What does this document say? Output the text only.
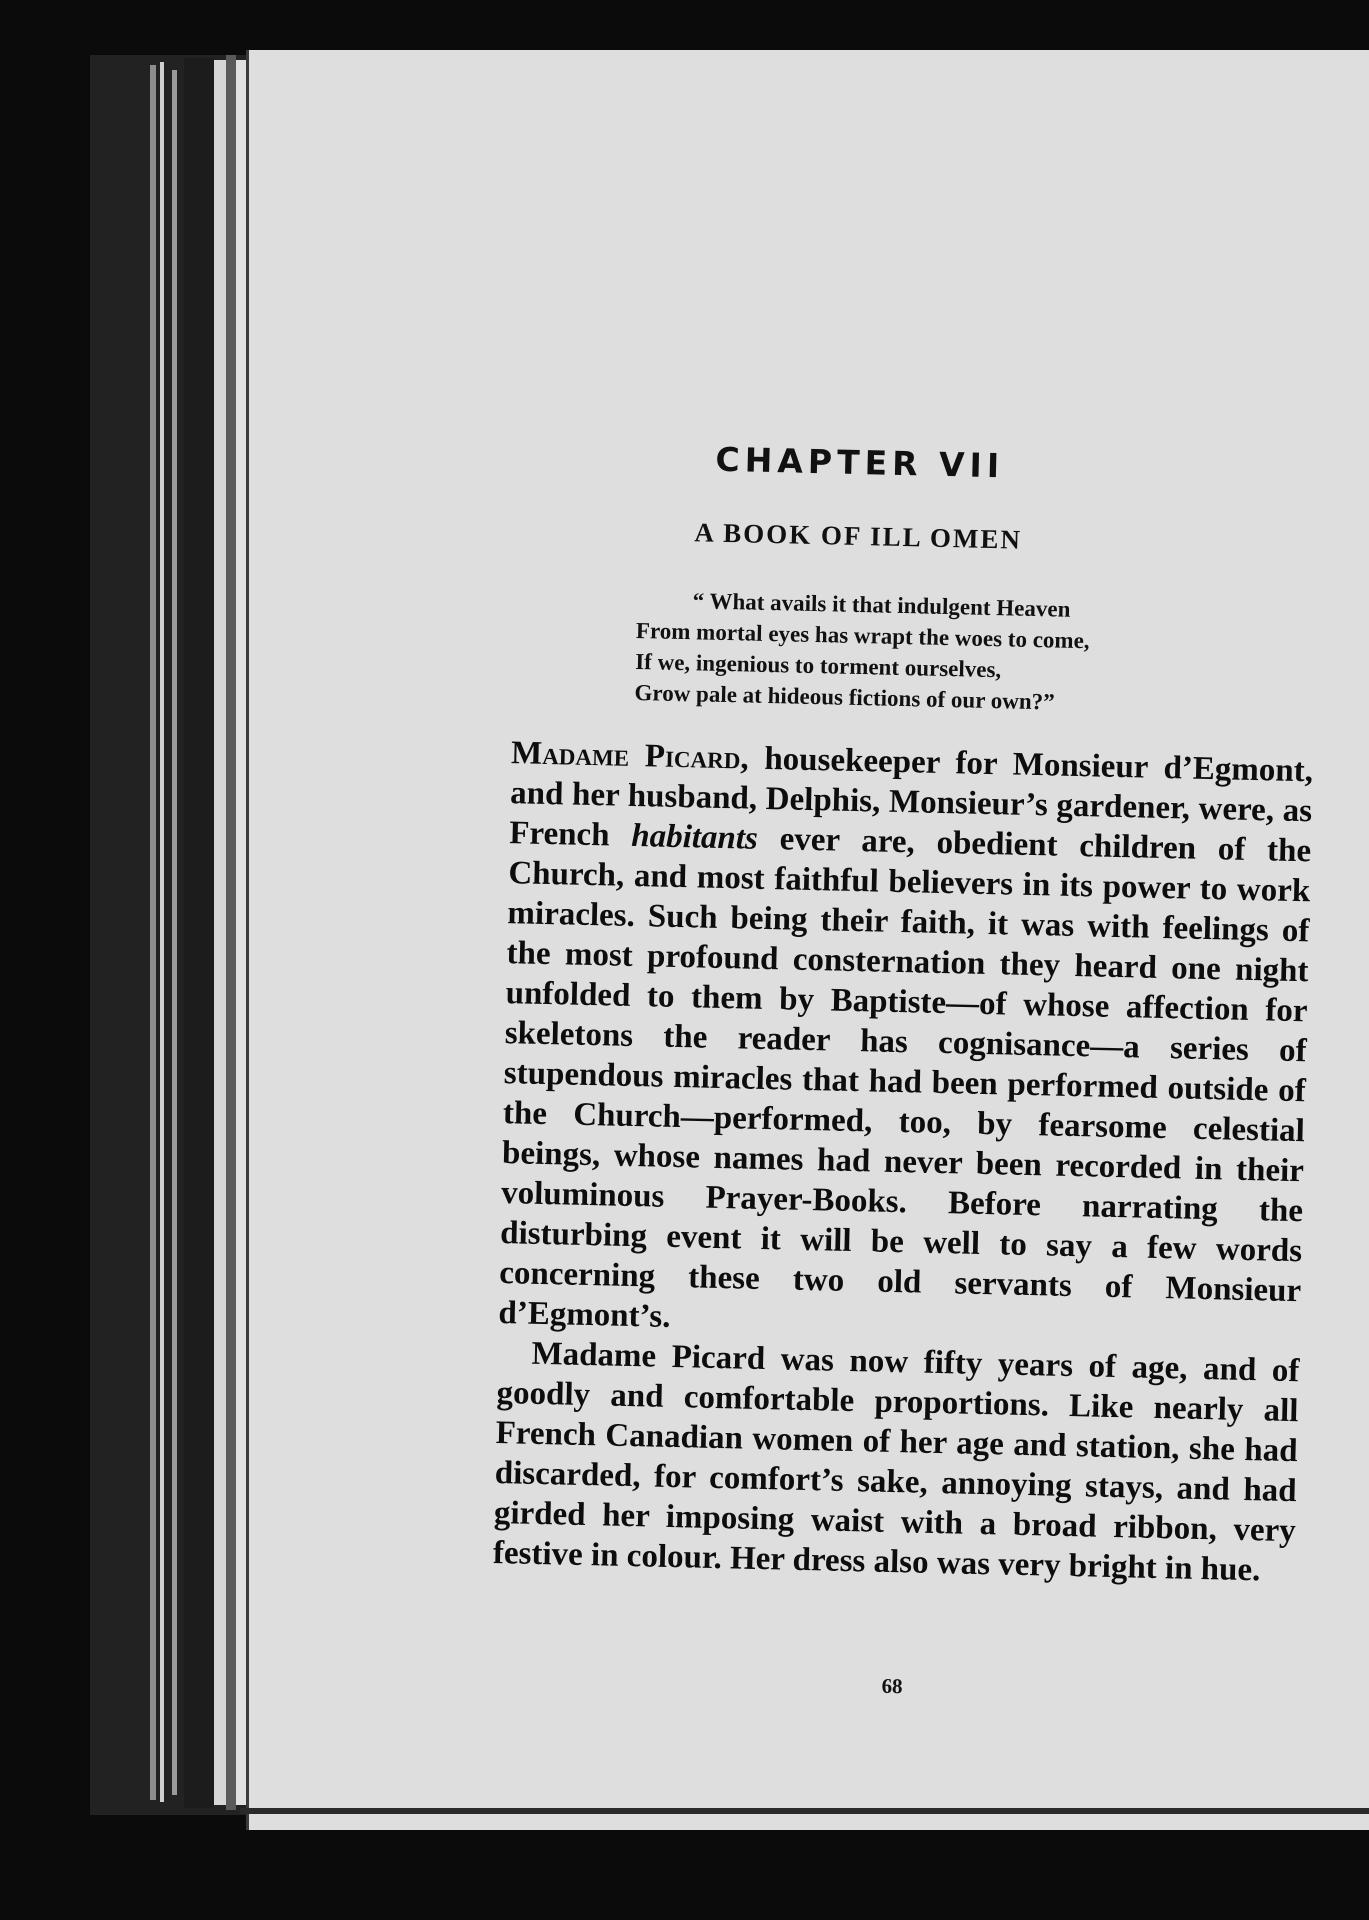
CHAPTER VII
A BOOK OF ILL OMEN
“ What avails it that indulgent Heaven
From mortal eyes has wrapt the woes to come,
If we, ingenious to torment ourselves,
Grow pale at hideous fictions of our own?”

Madame Picard, housekeeper for Monsieur d’Egmont, and her husband, Delphis, Monsieur’s gardener, were, as French habitants ever are, obedient children of the Church, and most faithful believers in its power to work miracles. Such being their faith, it was with feelings of the most profound consternation they heard one night unfolded to them by Baptiste—of whose affection for skeletons the reader has cognisance—a series of stupendous miracles that had been performed outside of the Church—performed, too, by fearsome celestial beings, whose names had never been recorded in their voluminous Prayer-Books. Before narrating the disturbing event it will be well to say a few words concerning these two old servants of Monsieur d’Egmont’s.

Madame Picard was now fifty years of age, and of goodly and comfortable proportions. Like nearly all French Canadian women of her age and station, she had discarded, for comfort’s sake, annoying stays, and had girded her imposing waist with a broad ribbon, very festive in colour. Her dress also was very bright in hue.

68
